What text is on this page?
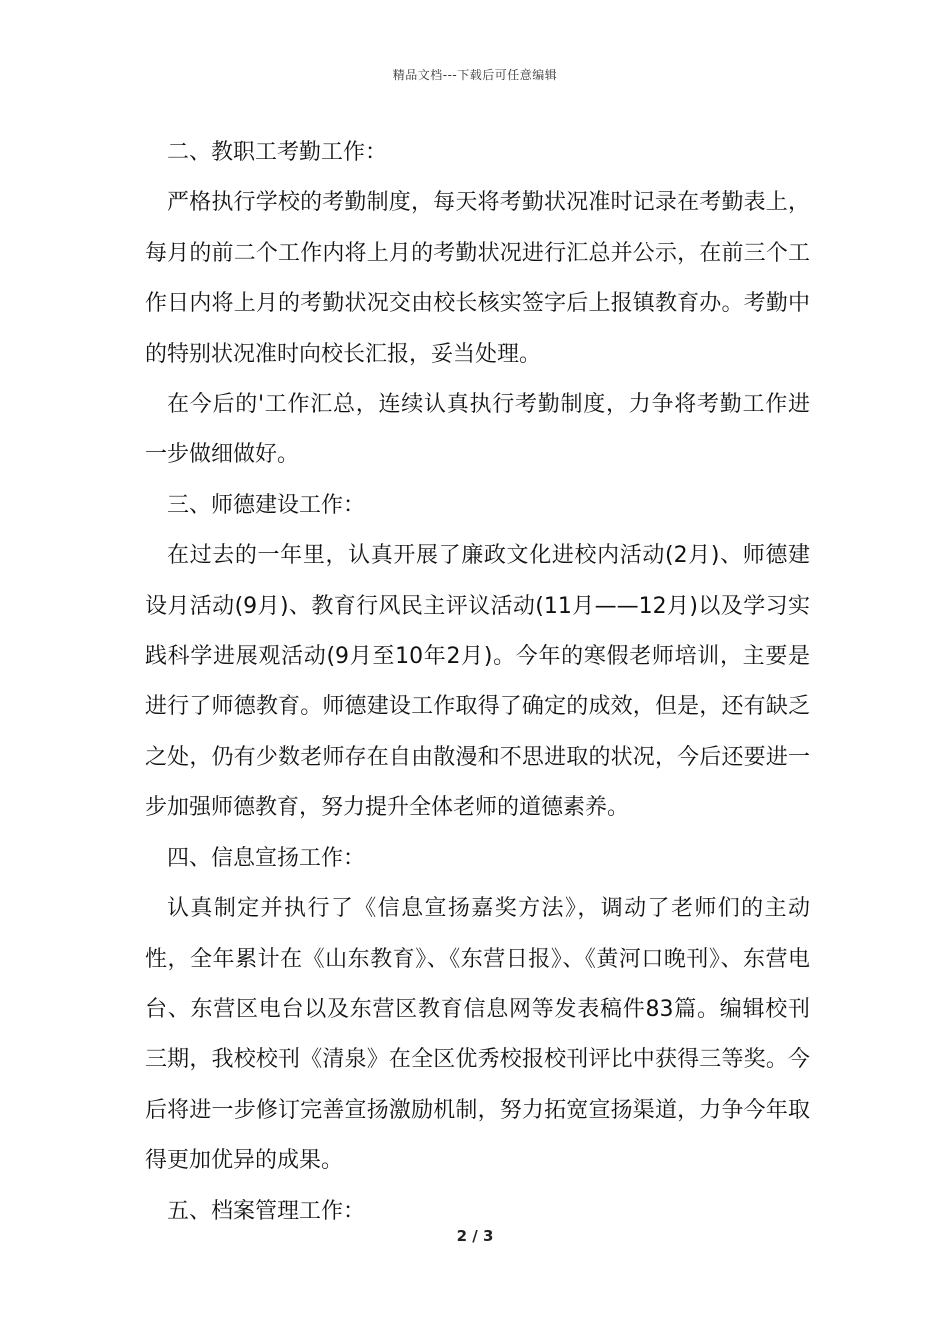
精品文档---下载后可任意编辑

二、教职工考勤工作：

严格执行学校的考勤制度，每天将考勤状况准时记录在考勤表上，每月的前二个工作内将上月的考勤状况进行汇总并公示，在前三个工作日内将上月的考勤状况交由校长核实签字后上报镇教育办。考勤中的特别状况准时向校长汇报，妥当处理。

在今后的'工作汇总，连续认真执行考勤制度，力争将考勤工作进一步做细做好。

三、师德建设工作：

在过去的一年里，认真开展了廉政文化进校内活动(2月)、师德建设月活动(9月)、教育行风民主评议活动(11月——12月)以及学习实践科学进展观活动(9月至10年2月)。今年的寒假老师培训，主要是进行了师德教育。师德建设工作取得了确定的成效，但是，还有缺乏之处，仍有少数老师存在自由散漫和不思进取的状况，今后还要进一步加强师德教育，努力提升全体老师的道德素养。

四、信息宣扬工作：

认真制定并执行了《信息宣扬嘉奖方法》，调动了老师们的主动性，全年累计在《山东教育》、《东营日报》、《黄河口晚刊》、东营电台、东营区电台以及东营区教育信息网等发表稿件83篇。编辑校刊三期，我校校刊《清泉》在全区优秀校报校刊评比中获得三等奖。今后将进一步修订完善宣扬激励机制，努力拓宽宣扬渠道，力争今年取得更加优异的成果。

五、档案管理工作：

2 / 3
